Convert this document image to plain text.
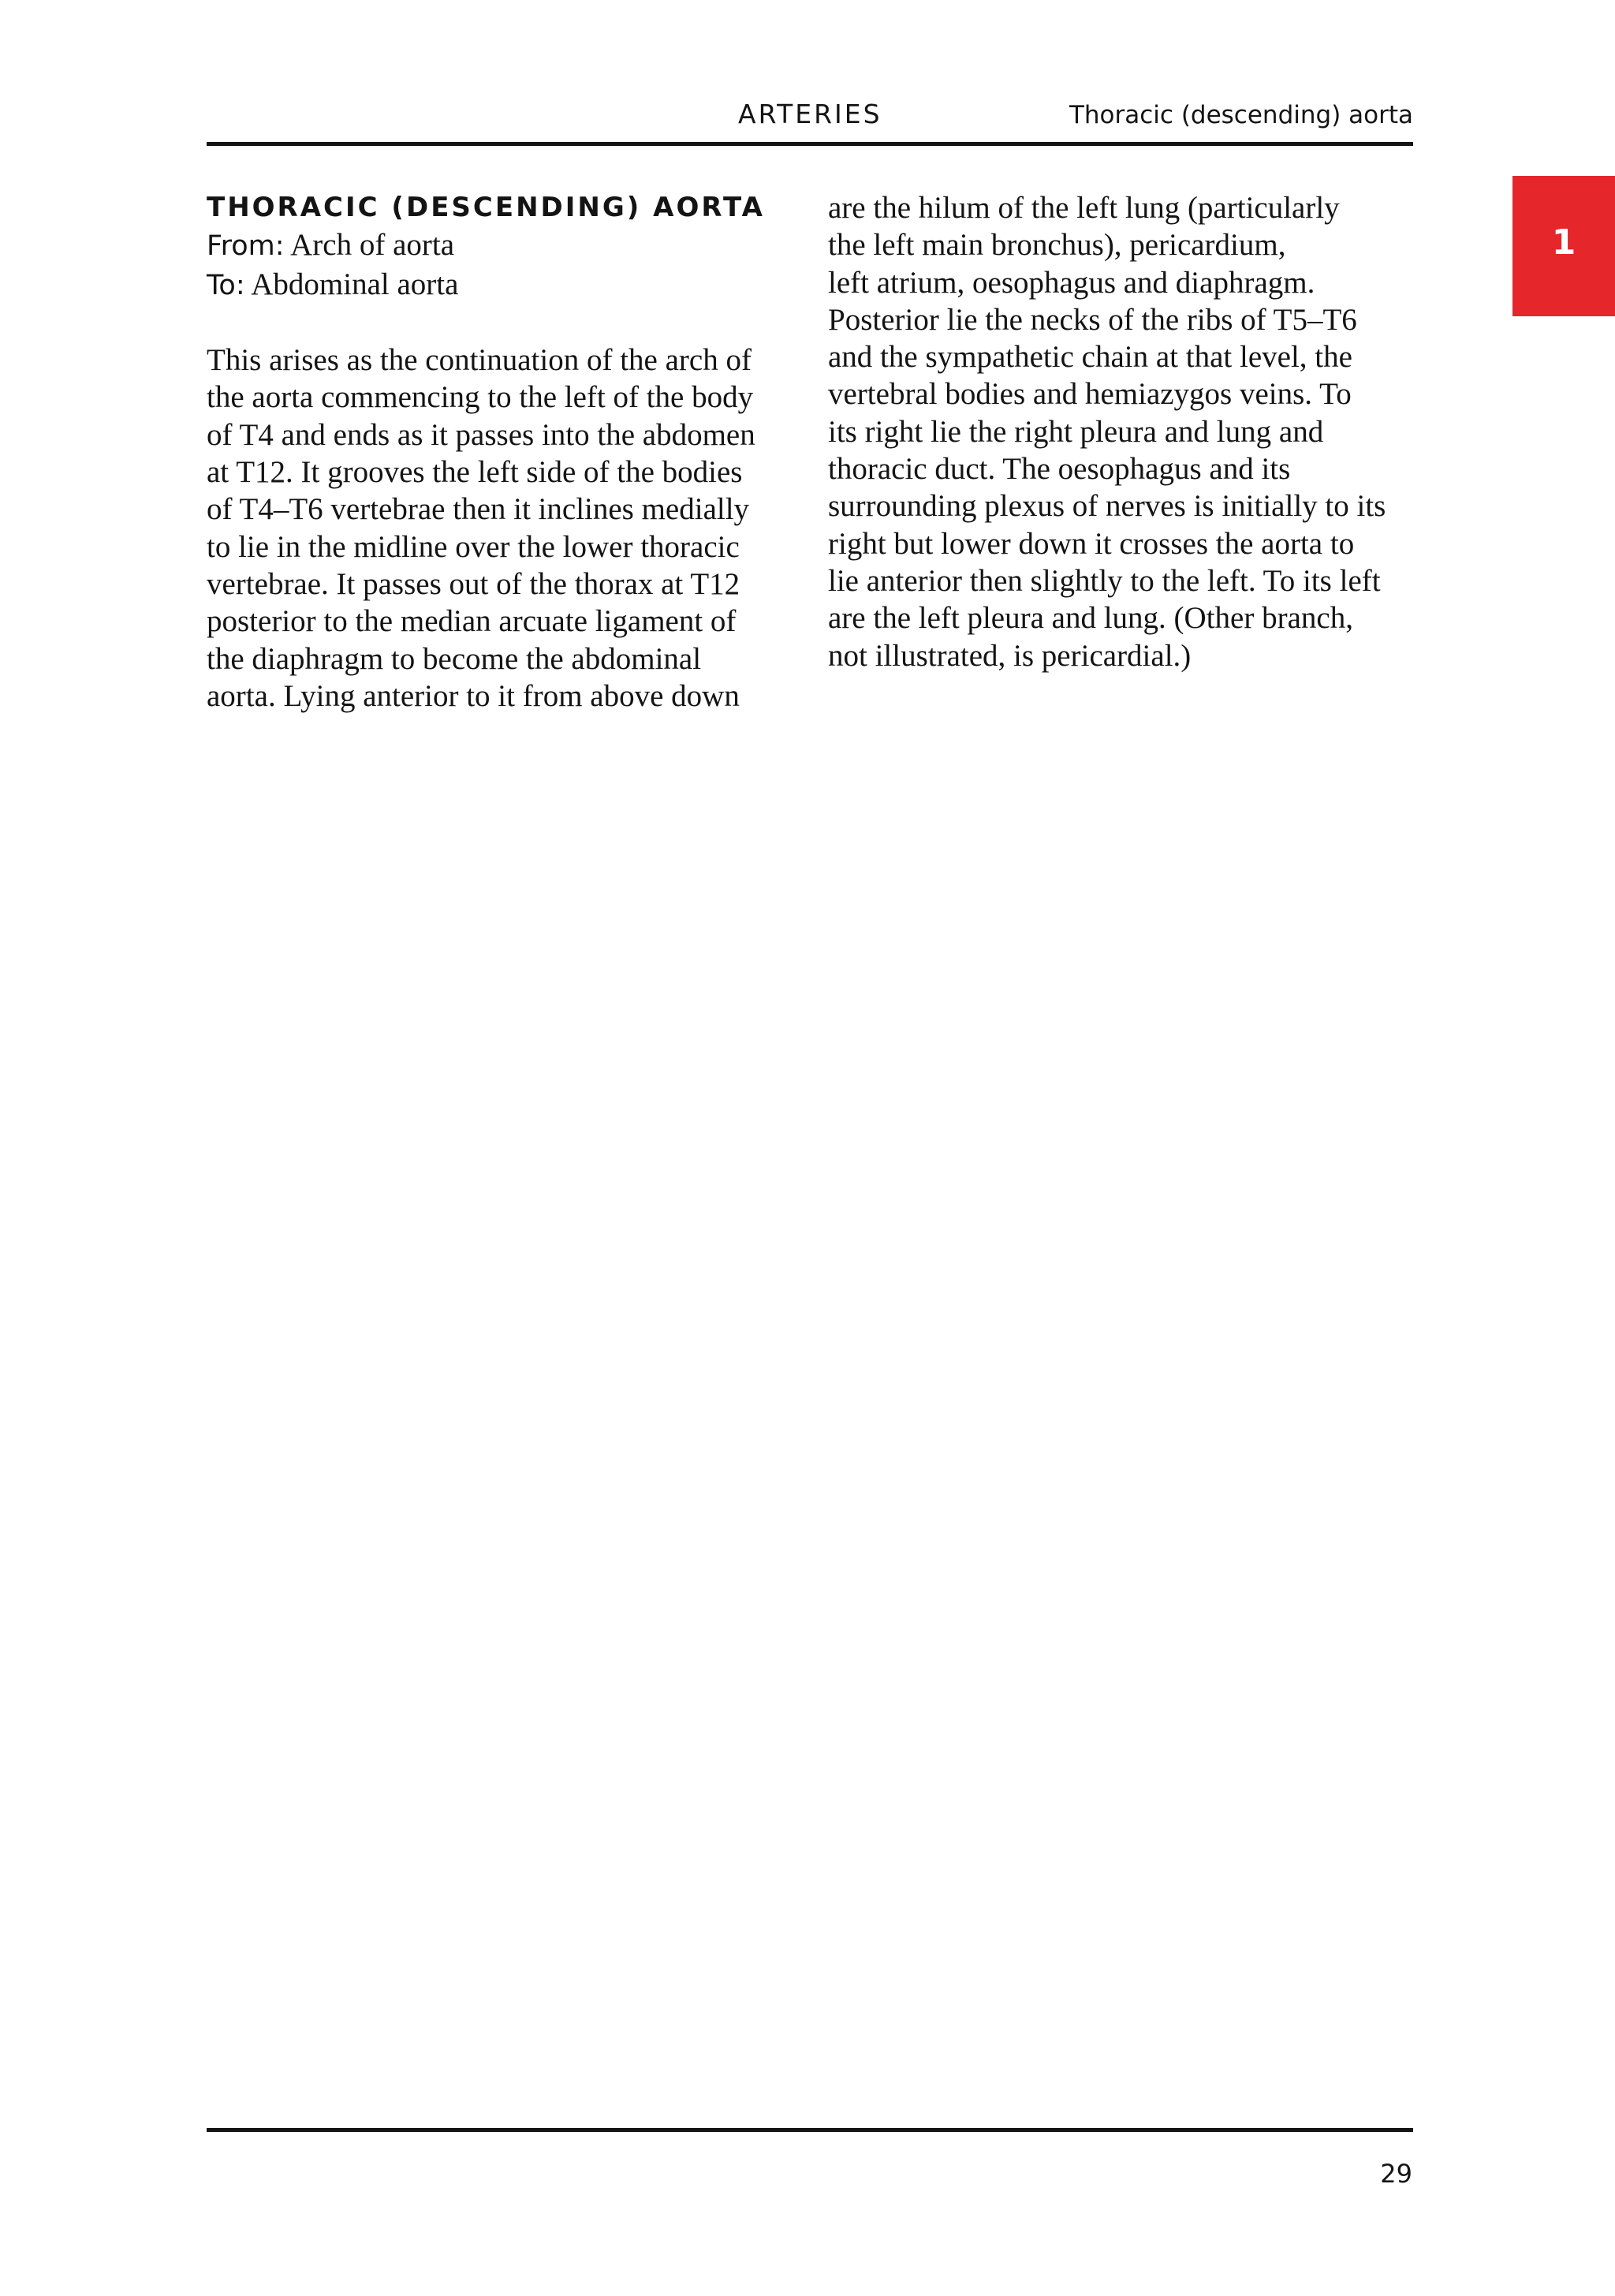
ARTERIES	Thoracic (descending) aorta
1
THORACIC (DESCENDING) AORTA
From: Arch of aorta
To: Abdominal aorta
This arises as the continuation of the arch of
the aorta commencing to the left of the body
of T4 and ends as it passes into the abdomen
at T12. It grooves the left side of the bodies
of T4–T6 vertebrae then it inclines medially
to lie in the midline over the lower thoracic
vertebrae. It passes out of the thorax at T12
posterior to the median arcuate ligament of
the diaphragm to become the abdominal
aorta. Lying anterior to it from above down
are the hilum of the left lung (particularly
the left main bronchus), pericardium,
left atrium, oesophagus and diaphragm.
Posterior lie the necks of the ribs of T5–T6
and the sympathetic chain at that level, the
vertebral bodies and hemiazygos veins. To
its right lie the right pleura and lung and
thoracic duct. The oesophagus and its
surrounding plexus of nerves is initially to its
right but lower down it crosses the aorta to
lie anterior then slightly to the left. To its left
are the left pleura and lung. (Other branch,
not illustrated, is pericardial.)
29
